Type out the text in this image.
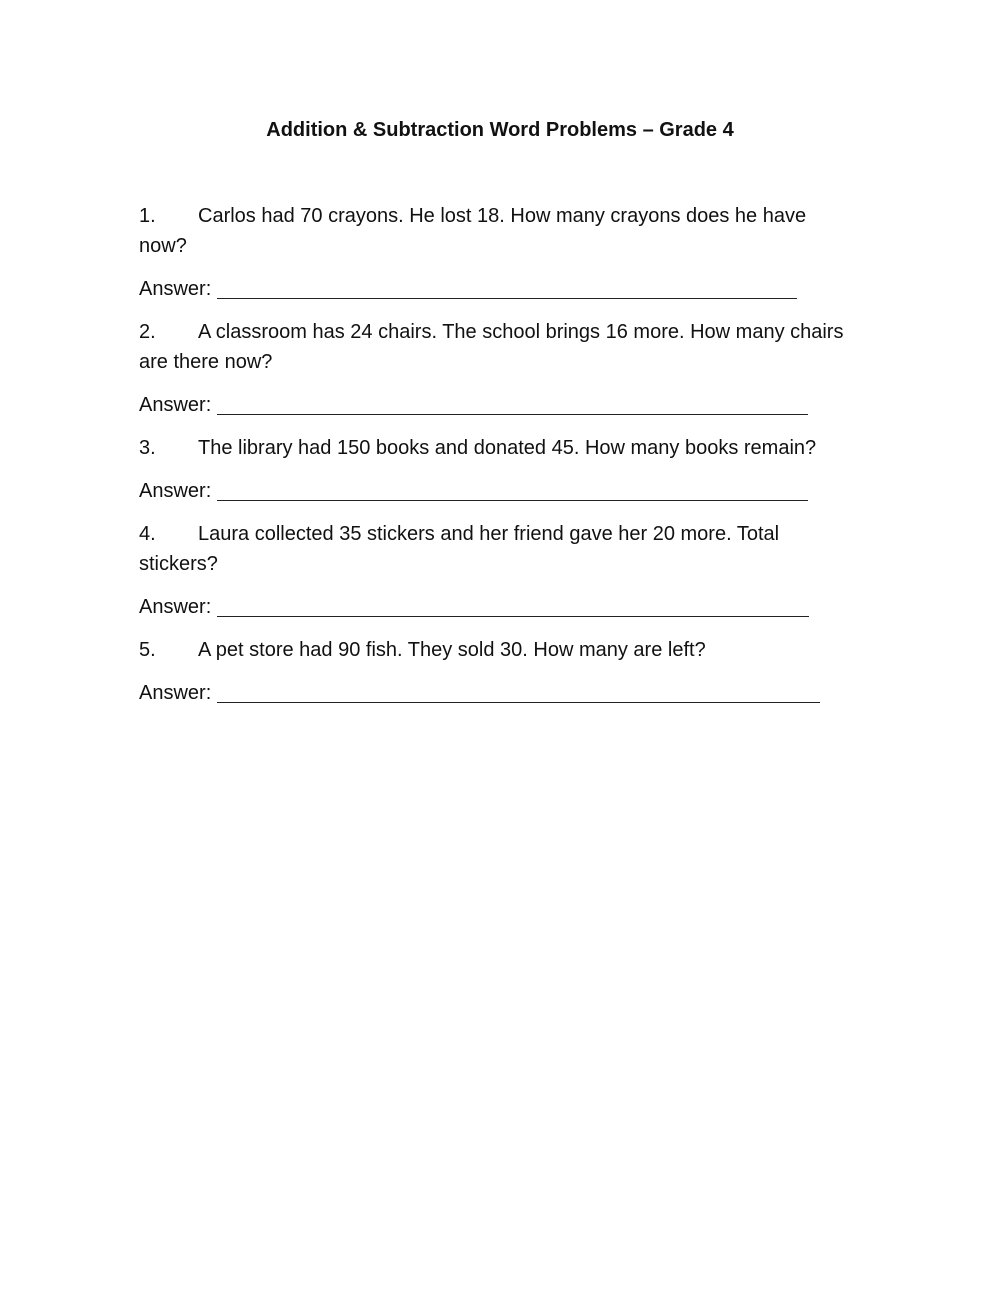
Addition & Subtraction Word Problems – Grade 4
1. Carlos had 70 crayons. He lost 18. How many crayons does he have now?
Answer:
2. A classroom has 24 chairs. The school brings 16 more. How many chairs are there now?
Answer:
3. The library had 150 books and donated 45. How many books remain?
Answer:
4. Laura collected 35 stickers and her friend gave her 20 more. Total stickers?
Answer:
5. A pet store had 90 fish. They sold 30. How many are left?
Answer:
